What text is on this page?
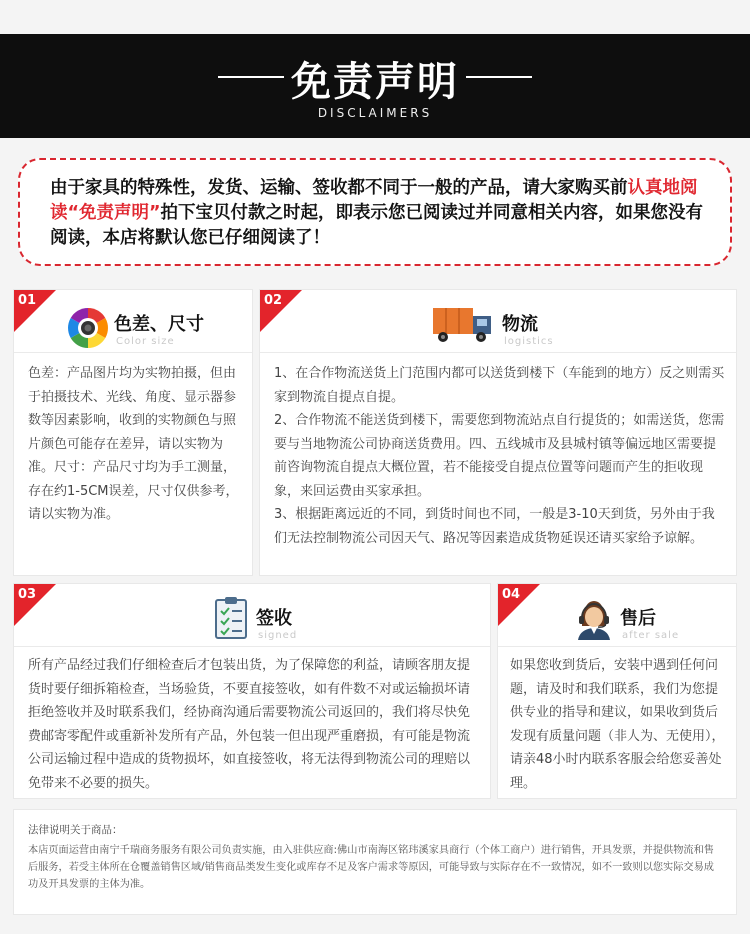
免责声明
DISCLAIMERS
由于家具的特殊性，发货、运输、签收都不同于一般的产品，请大家购买前认真地阅读“免责声明”拍下宝贝付款之时起，即表示您已阅读过并同意相关内容，如果您没有阅读，本店将默认您已仔细阅读了！
01
色差、尺寸
Color size
色差：产品图片均为实物拍摄，但由于拍摄技术、光线、角度、显示器参数等因素影响，收到的实物颜色与照片颜色可能存在差异，请以实物为准。尺寸：产品尺寸均为手工测量，存在约1-5CM误差，尺寸仅供参考，请以实物为准。
02
物流
logistics
1、在合作物流送货上门范围内都可以送货到楼下（车能到的地方）反之则需买家到物流自提点自提。
2、合作物流不能送货到楼下，需要您到物流站点自行提货的；如需送货，您需要与当地物流公司协商送货费用。四、五线城市及县城村镇等偏远地区需要提前咨询物流自提点大概位置，若不能接受自提点位置等问题而产生的拒收现象，来回运费由买家承担。
3、根据距离远近的不同，到货时间也不同，一般是3-10天到货，另外由于我们无法控制物流公司因天气、路况等因素造成货物延误还请买家给予谅解。
03
签收
signed
所有产品经过我们仔细检查后才包装出货，为了保障您的利益，请顾客朋友提货时要仔细拆箱检查，当场验货，不要直接签收，如有件数不对或运输损坏请拒绝签收并及时联系我们，经协商沟通后需要物流公司返回的，我们将尽快免费邮寄零配件或重新补发所有产品，外包装一但出现严重磨损，有可能是物流公司运输过程中造成的货物损坏，如直接签收，将无法得到物流公司的理赔以免带来不必要的损失。
04
售后
after sale
如果您收到货后，安装中遇到任何问题，请及时和我们联系，我们为您提供专业的指导和建议，如果收到货后发现有质量问题（非人为、无使用），请亲48小时内联系客服会给您妥善处理。
法律说明关于商品：
本店页面运营由南宁千瑞商务服务有限公司负责实施，由入驻供应商:佛山市南海区铭玮溪家具商行（个体工商户）进行销售，开具发票，并提供物流和售后服务，若受主体所在仓覆盖销售区域/销售商品类发生变化或库存不足及客户需求等原因，可能导致与实际存在不一致情况，如不一致则以您实际交易成功及开具发票的主体为准。
